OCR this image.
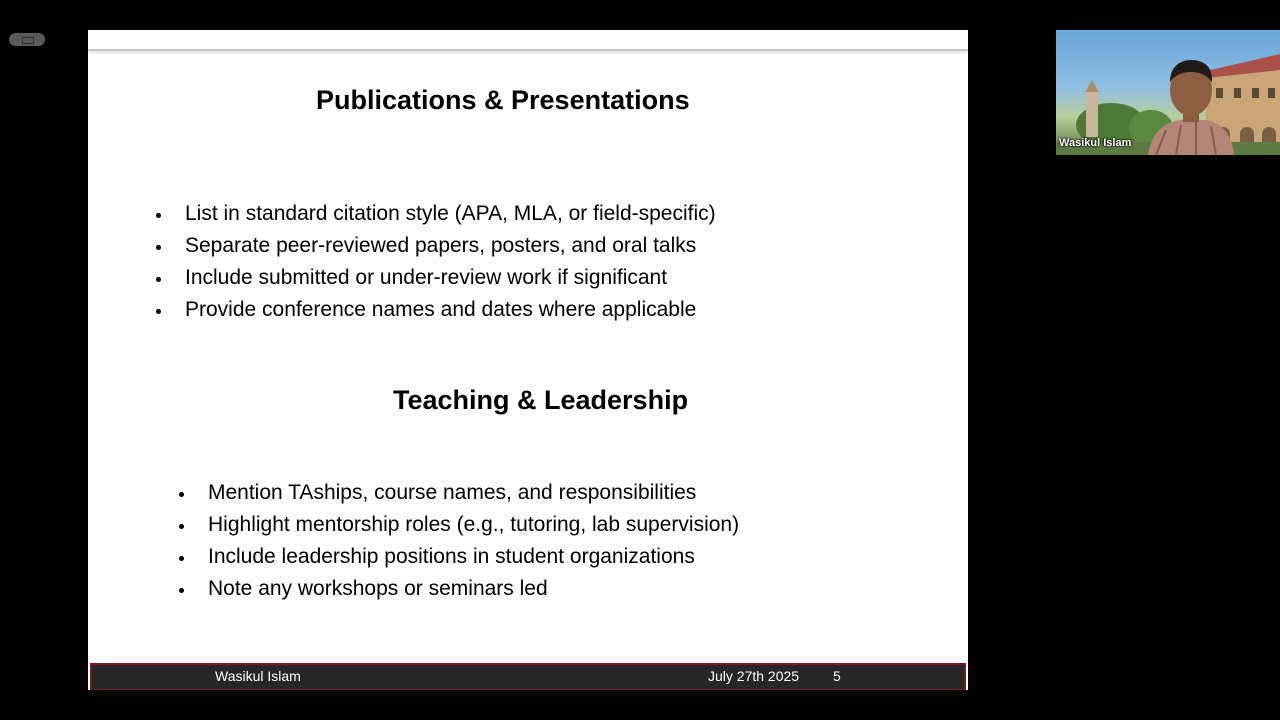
Publications & Presentations
List in standard citation style (APA, MLA, or field-specific)
Separate peer-reviewed papers, posters, and oral talks
Include submitted or under-review work if significant
Provide conference names and dates where applicable
Teaching & Leadership
Mention TAships, course names, and responsibilities
Highlight mentorship roles (e.g., tutoring, lab supervision)
Include leadership positions in student organizations
Note any workshops or seminars led
Wasikul Islam	July 27th 2025 5
Wasikul Islam
